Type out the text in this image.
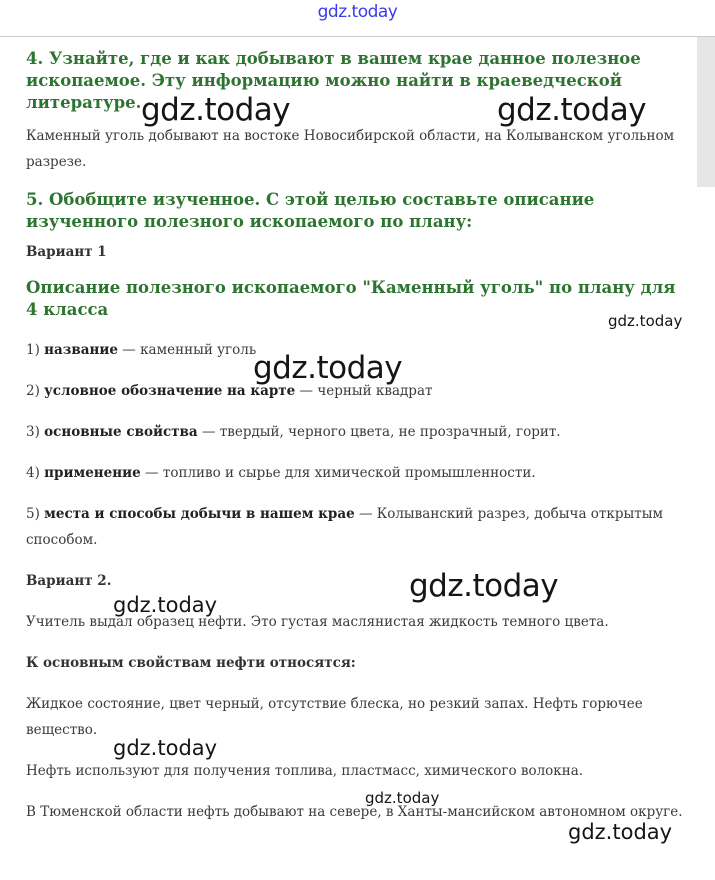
gdz.today
4. Узнайте, где и как добывают в вашем крае данное полезное ископаемое. Эту информацию можно найти в краеведческой литературе.

Каменный уголь добывают на востоке Новосибирской области, на Колыванском угольном разрезе.

5. Обобщите изученное. С этой целью составьте описание изученного полезного ископаемого по плану:

Вариант 1

Описание полезного ископаемого "Каменный уголь" по плану для 4 класса

1) название — каменный уголь

2) условное обозначение на карте — черный квадрат

3) основные свойства — твердый, черного цвета, не прозрачный, горит.

4) применение — топливо и сырье для химической промышленности.

5) места и способы добычи в нашем крае — Колыванский разрез, добыча открытым способом.

Вариант 2.

Учитель выдал образец нефти. Это густая маслянистая жидкость темного цвета.

К основным свойствам нефти относятся:

Жидкое состояние, цвет черный, отсутствие блеска, но резкий запах. Нефть горючее вещество.

Нефть используют для получения топлива, пластмасс, химического волокна.

В Тюменской области нефть добывают на севере, в Ханты-мансийском автономном округе.

gdz.today	gdz.today
gdz.today
gdz.today
gdz.today
gdz.today
gdz.today
gdz.today
gdz.today
